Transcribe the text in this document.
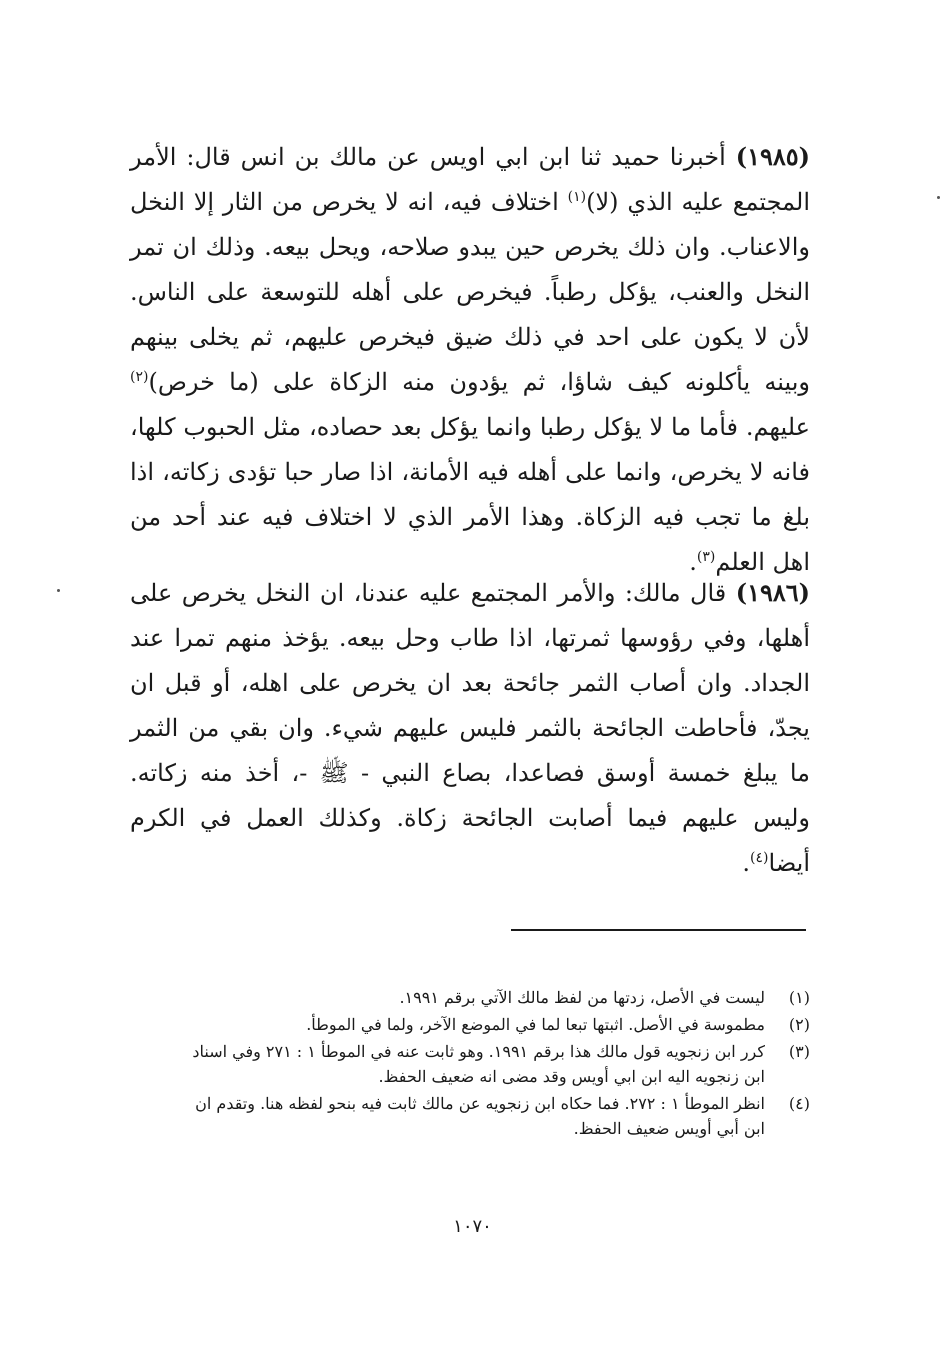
(١٩٨٥) أخبرنا حميد ثنا ابن ابي اويس عن مالك بن انس قال: الأمر المجتمع عليه الذي (لا)$^{(١)}$ اختلاف فيه، انه لا يخرص من الثار إلا النخل والاعناب. وان ذلك يخرص حين يبدو صلاحه، ويحل بيعه. وذلك ان تمر النخل والعنب، يؤكل رطباً. فيخرص على أهله للتوسعة على الناس. لأن لا يكون على احد في ذلك ضيق فيخرص عليهم، ثم يخلى بينهم وبينه يأكلونه كيف شاؤا، ثم يؤدون منه الزكاة على (ما خرص)$^{(٢)}$ عليهم. فأما ما لا يؤكل رطبا وانما يؤكل بعد حصاده، مثل الحبوب كلها، فانه لا يخرص، وانما على أهله فيه الأمانة، اذا صار حبا تؤدى زكاته، اذا بلغ ما تجب فيه الزكاة. وهذا الأمر الذي لا اختلاف فيه عند أحد من اهل العلم$^{(٣)}$.

(١٩٨٦) قال مالك: والأمر المجتمع عليه عندنا، ان النخل يخرص على أهلها، وفي رؤوسها ثمرتها، اذا طاب وحل بيعه. يؤخذ منهم تمرا عند الجداد. وان أصاب الثمر جائحة بعد ان يخرص على اهله، أو قبل ان يجدّ، فأحاطت الجائحة بالثمر فليس عليهم شيء. وان بقي من الثمر ما يبلغ خمسة أوسق فصاعدا، بصاع النبي - ﷺ -، أخذ منه زكاته. وليس عليهم فيما أصابت الجائحة زكاة. وكذلك العمل في الكرم أيضا$^{(٤)}$.

(١)
ليست في الأصل، زدتها من لفظ مالك الآتي برقم ١٩٩١.
(٢)
مطموسة في الأصل. اثبتها تبعا لما في الموضع الآخر، ولما في الموطأ.
(٣)
كرر ابن زنجويه قول مالك هذا برقم ١٩٩١. وهو ثابت عنه في الموطأ ١ : ٢٧١ وفي اسناد ابن زنجويه اليه ابن ابي أويس وقد مضى انه ضعيف الحفظ.
(٤)
انظر الموطأ ١ : ٢٧٢. فما حكاه ابن زنجويه عن مالك ثابت فيه بنحو لفظه هنا. وتقدم ان ابن أبي أويس ضعيف الحفظ.
١٠٧٠
